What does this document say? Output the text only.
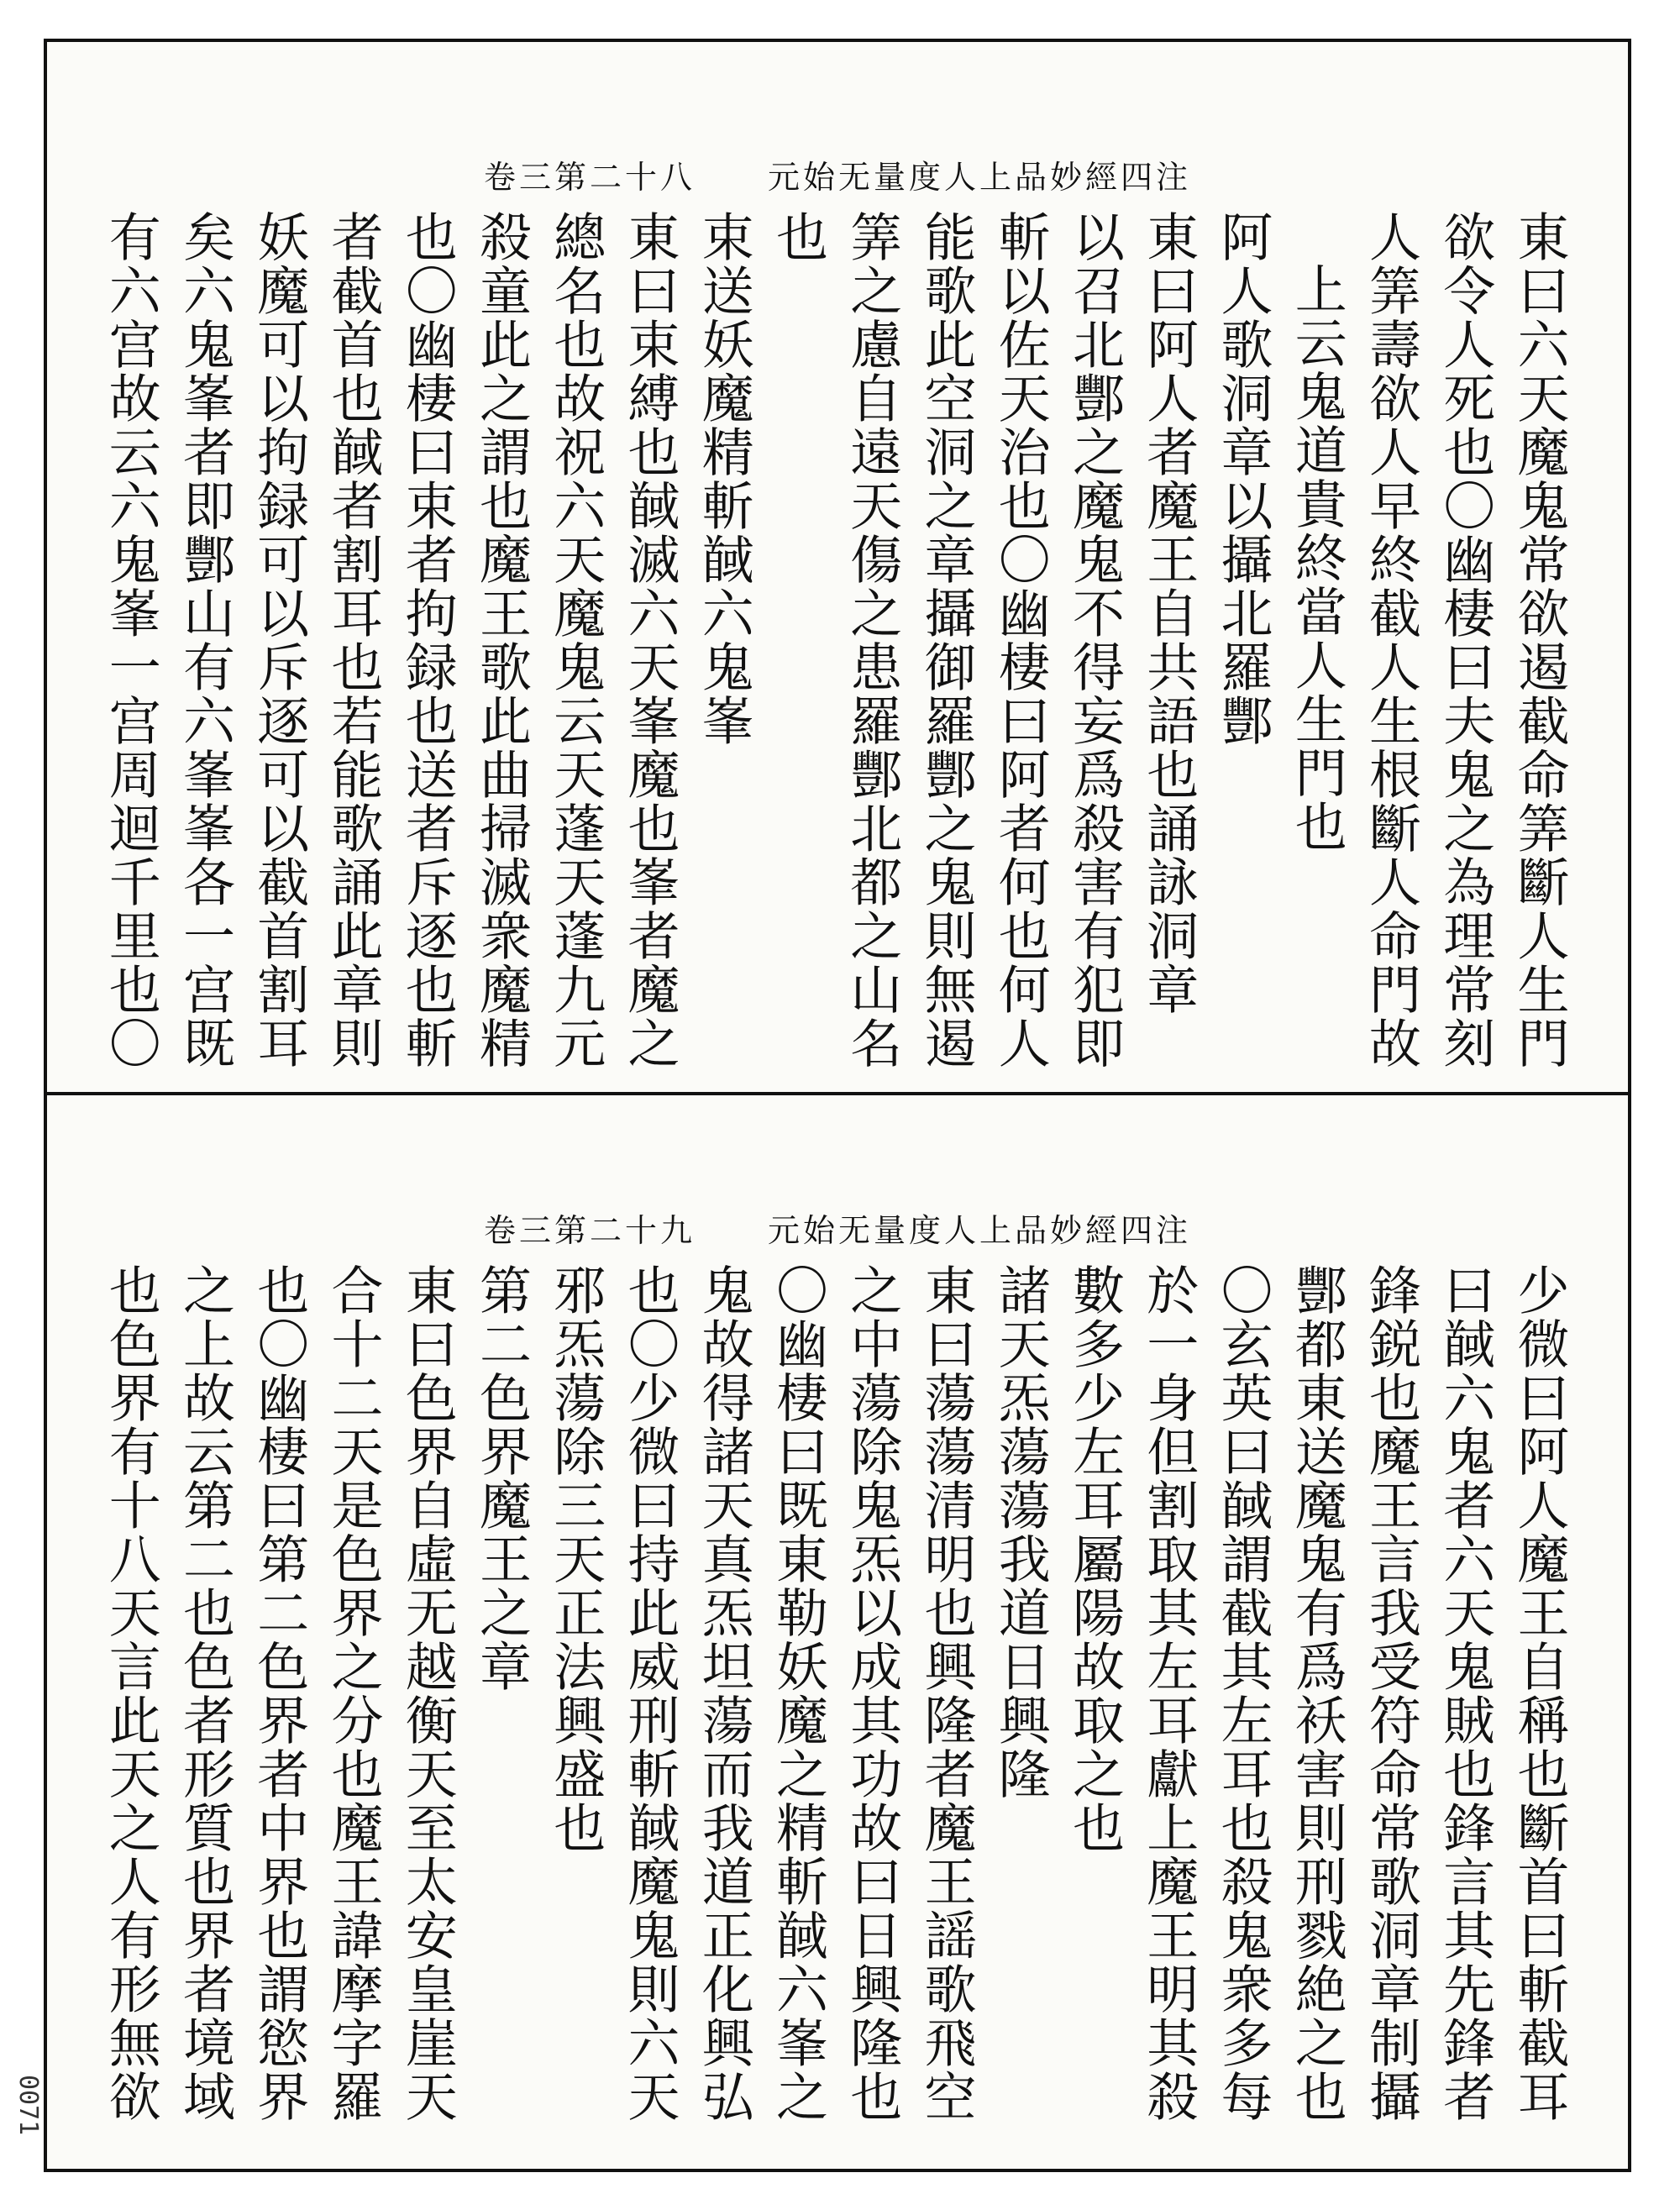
元始无量度人上品妙經四注 卷三第二十八
東曰六天魔鬼常欲遏截命筭斷人生門
欲令人死也〇幽棲曰夫鬼之為理常刻
人筭壽欲人早終截人生根斷人命門故
上云鬼道貴終當人生門也
阿人歌洞章以攝北羅酆
東曰阿人者魔王自共語也誦詠洞章
以召北酆之魔鬼不得妄爲殺害有犯即
斬以佐天治也〇幽棲曰阿者何也何人
能歌此空洞之章攝御羅酆之鬼則無遏
筭之慮自遠天傷之患羅酆北都之山名
也
束送妖魔精斬馘六鬼峯
東曰束縛也馘滅六天峯魔也峯者魔之
總名也故祝六天魔鬼云天蓬天蓬九元
殺童此之謂也魔王歌此曲掃滅衆魔精
也〇幽棲曰束者拘録也送者斥逐也斬
者截首也馘者割耳也若能歌誦此章則
妖魔可以拘録可以斥逐可以截首割耳
矣六鬼峯者即酆山有六峯峯各一宫既
有六宫故云六鬼峯一宫周迴千里也〇
元始无量度人上品妙經四注 卷三第二十九
少微曰阿人魔王自稱也斷首曰斬截耳
曰馘六鬼者六天鬼賊也鋒言其先鋒者
鋒鋭也魔王言我受符命常歌洞章制攝
酆都東送魔鬼有爲袄害則刑戮絶之也
〇玄英曰馘謂截其左耳也殺鬼衆多每
於一身但割取其左耳獻上魔王明其殺
數多少左耳屬陽故取之也
諸天炁蕩蕩我道日興隆
東曰蕩蕩清明也興隆者魔王謡歌飛空
之中蕩除鬼炁以成其功故曰日興隆也
〇幽棲曰既東勒妖魔之精斬馘六峯之
鬼故得諸天真炁坦蕩而我道正化興弘
也〇少微曰持此威刑斬馘魔鬼則六天
邪炁蕩除三天正法興盛也
第二色界魔王之章
東曰色界自虛无越衡天至太安皇崖天
合十二天是色界之分也魔王諱摩字羅
也〇幽棲曰第二色界者中界也謂慾界
之上故云第二也色者形質也界者境域
也色界有十八天言此天之人有形無欲
0071
